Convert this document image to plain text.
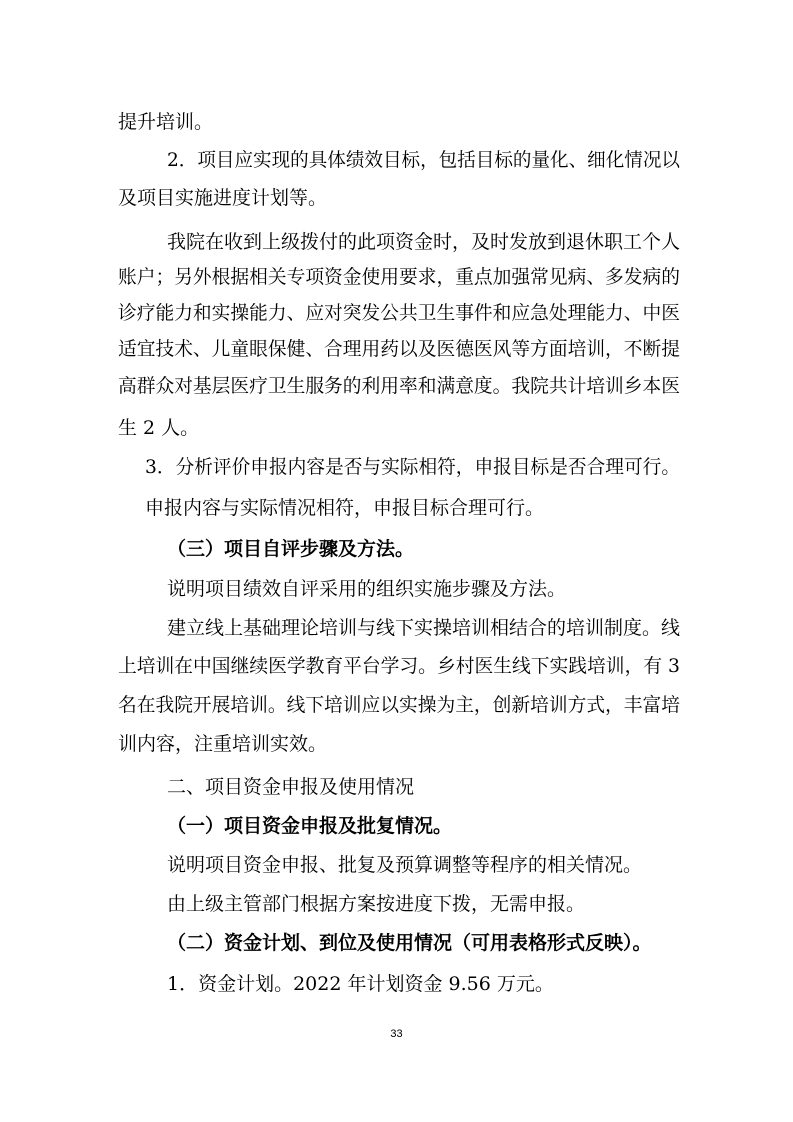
提升培训。
2．项目应实现的具体绩效目标，包括目标的量化、细化情况以
及项目实施进度计划等。
我院在收到上级拨付的此项资金时，及时发放到退休职工个人
账户；另外根据相关专项资金使用要求，重点加强常见病、多发病的
诊疗能力和实操能力、应对突发公共卫生事件和应急处理能力、中医
适宜技术、儿童眼保健、合理用药以及医德医风等方面培训，不断提
高群众对基层医疗卫生服务的利用率和满意度。我院共计培训乡本医
生 2 人。
3．分析评价申报内容是否与实际相符，申报目标是否合理可行。
申报内容与实际情况相符，申报目标合理可行。
（三）项目自评步骤及方法。
说明项目绩效自评采用的组织实施步骤及方法。
建立线上基础理论培训与线下实操培训相结合的培训制度。线
上培训在中国继续医学教育平台学习。乡村医生线下实践培训，有 3
名在我院开展培训。线下培训应以实操为主，创新培训方式，丰富培
训内容，注重培训实效。
二、项目资金申报及使用情况
（一）项目资金申报及批复情况。
说明项目资金申报、批复及预算调整等程序的相关情况。
由上级主管部门根据方案按进度下拨，无需申报。
（二）资金计划、到位及使用情况（可用表格形式反映）。
1．资金计划。2022 年计划资金 9.56 万元。
33
